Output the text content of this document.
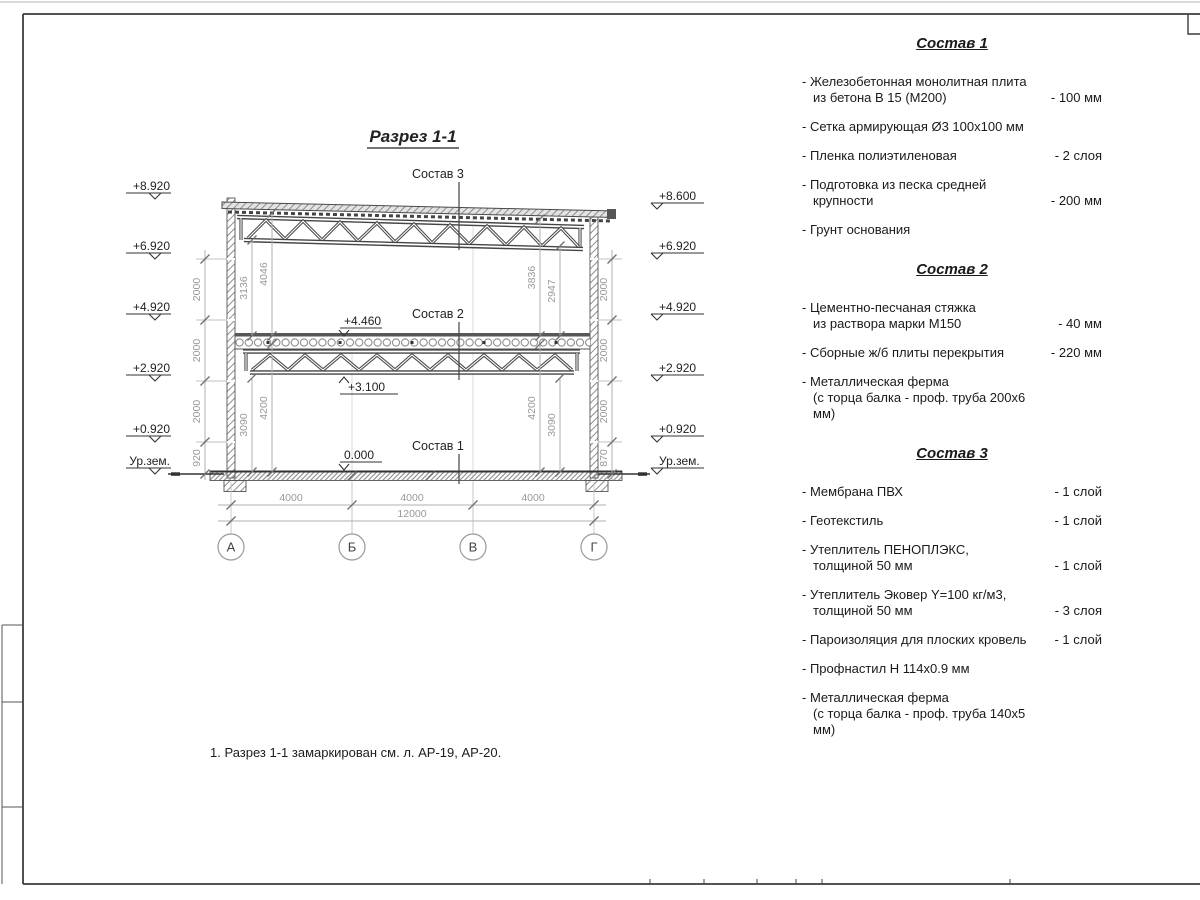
Разрез 1-1
+8.920
+6.920
+4.920
+2.920
+0.920
Ур.зем.
+8.600
+6.920
+4.920
+2.920
+0.920
Ур.зем.
+4.460
+3.100
0.000
Состав 3
Состав 2
Состав 1
2000
2000
2000
920
2000
2000
2000
870
3136
4046	3836
2947
3090
4200	4200
3090
4000	4000	4000
12000
А	Б	В	Г
Состав 1
- Железобетонная монолитная плита
из бетона В 15 (М200)	- 100 мм
- Сетка армирующая Ø3 100x100 мм
- Пленка полиэтиленовая	- 2 слоя
- Подготовка из песка средней
крупности	- 200 мм
- Грунт основания
Состав 2
- Цементно-песчаная стяжка
из раствора марки М150	- 40 мм
- Сборные ж/б плиты перекрытия	- 220 мм
- Металлическая ферма
(с торца балка - проф. труба 200x6 мм)
Состав 3
- Мембрана ПВХ	- 1 слой
- Геотекстиль	- 1 слой
- Утеплитель ПЕНОПЛЭКС,
толщиной 50 мм	- 1 слой
- Утеплитель Эковер Y=100 кг/м3,
толщиной 50 мм	- 3 слоя
- Пароизоляция для плоских кровель	- 1 слой
- Профнастил Н 114x0.9 мм
- Металлическая ферма
(с торца балка - проф. труба 140x5 мм)
1. Разрез 1-1 замаркирован см. л. АР-19, АР-20.
